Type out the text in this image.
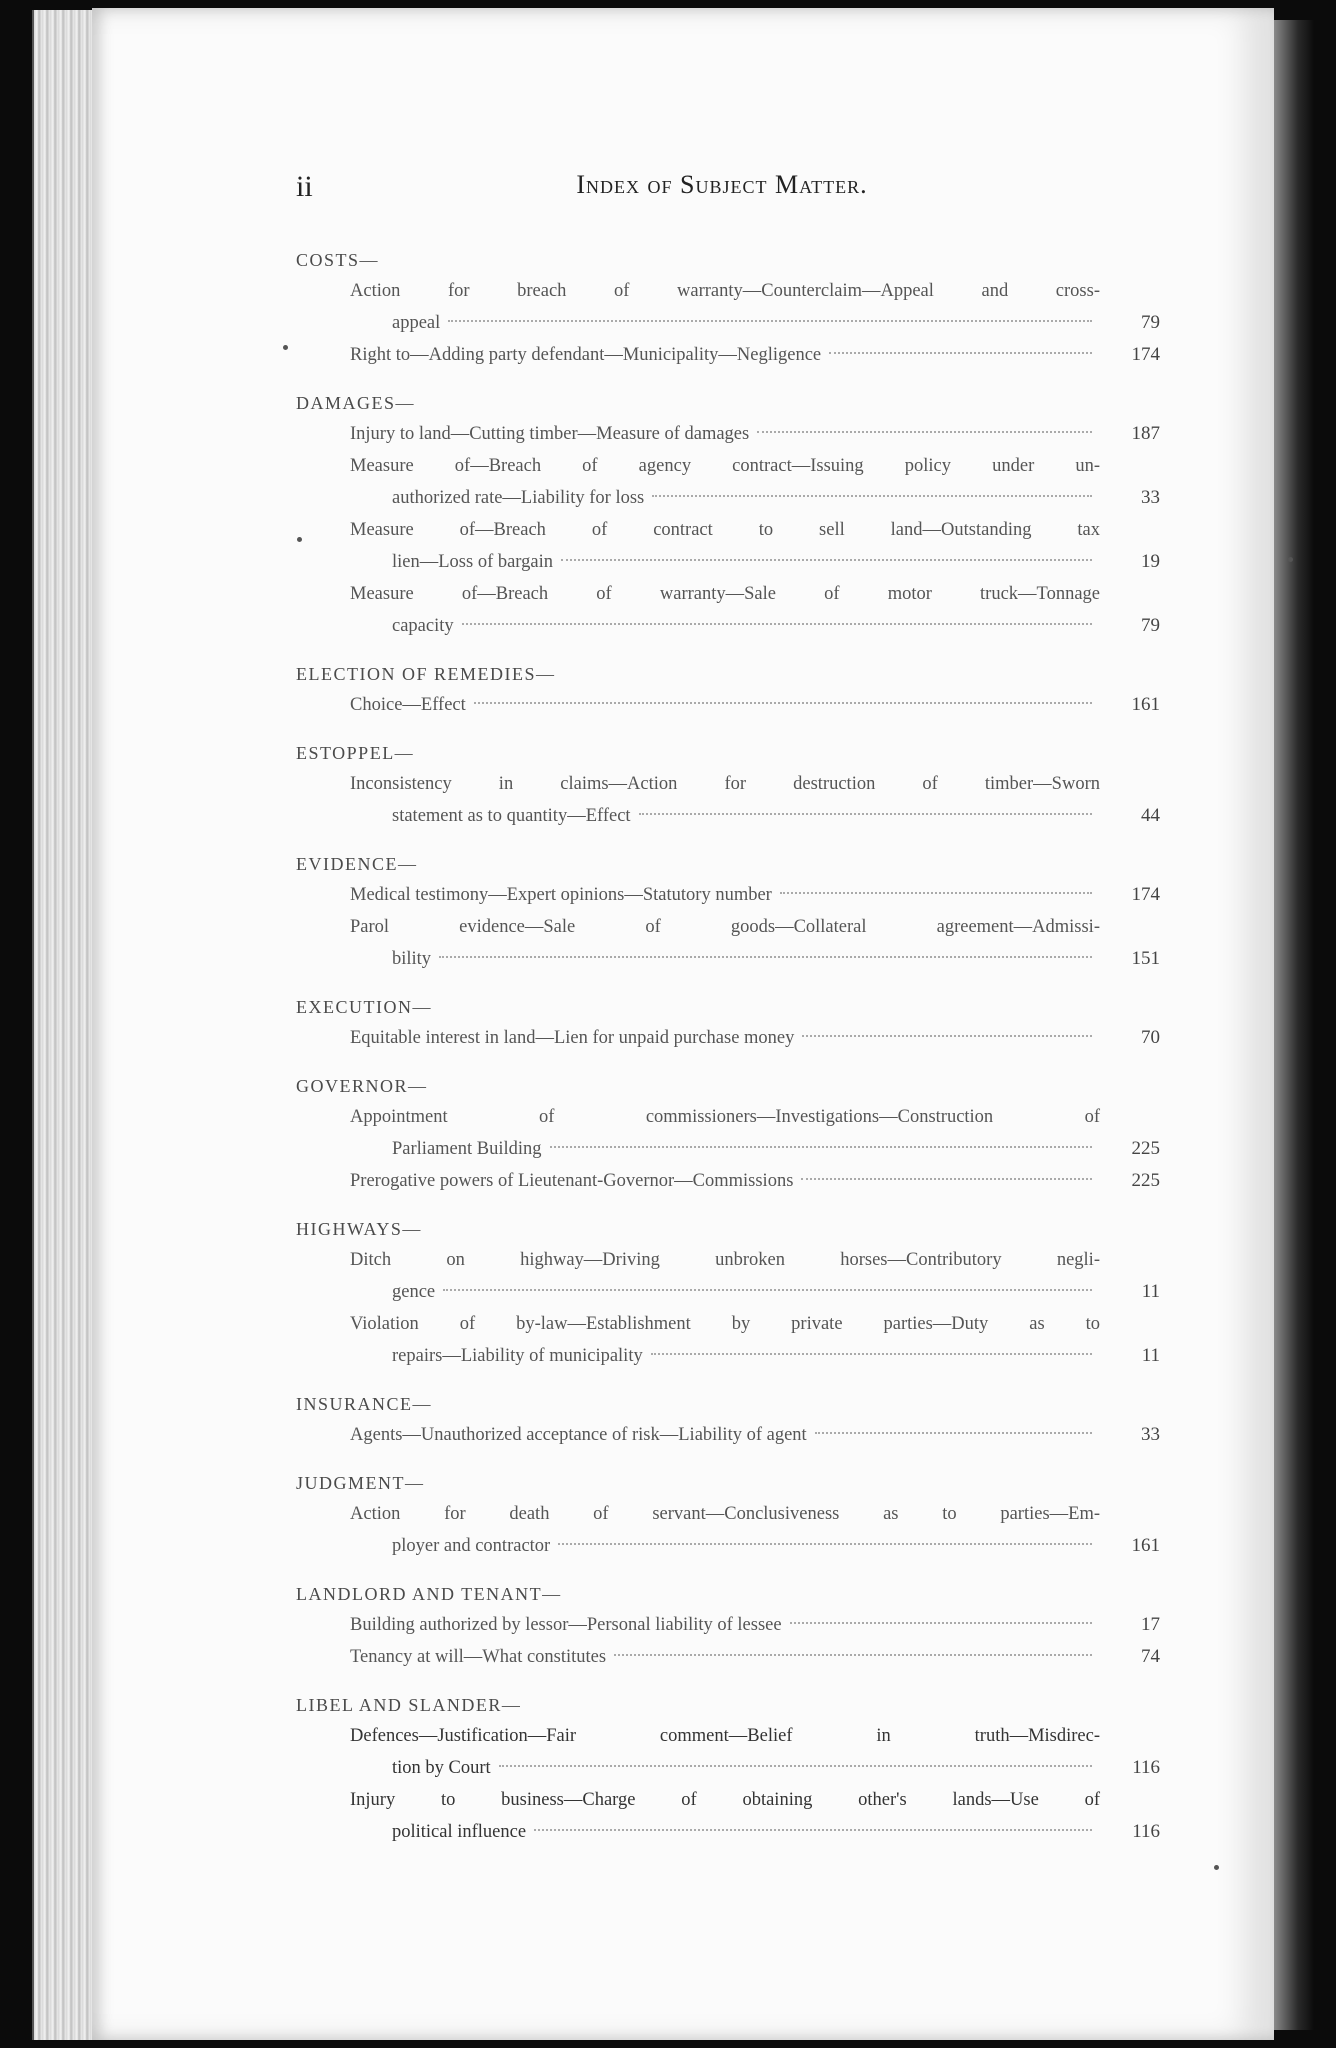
ii	Index of Subject Matter.
COSTS—
Action for breach of warranty—Counterclaim—Appeal and cross-
appeal	79
Right to—Adding party defendant—Municipality—Negligence	174
DAMAGES—
Injury to land—Cutting timber—Measure of damages	187
Measure of—Breach of agency contract—Issuing policy under un-
authorized rate—Liability for loss	33
Measure of—Breach of contract to sell land—Outstanding tax
lien—Loss of bargain	19
Measure of—Breach of warranty—Sale of motor truck—Tonnage
capacity	79
ELECTION OF REMEDIES—
Choice—Effect	161
ESTOPPEL—
Inconsistency in claims—Action for destruction of timber—Sworn
statement as to quantity—Effect	44
EVIDENCE—
Medical testimony—Expert opinions—Statutory number	174
Parol evidence—Sale of goods—Collateral agreement—Admissi-
bility	151
EXECUTION—
Equitable interest in land—Lien for unpaid purchase money	70
GOVERNOR—
Appointment of commissioners—Investigations—Construction of
Parliament Building	225
Prerogative powers of Lieutenant-Governor—Commissions	225
HIGHWAYS—
Ditch on highway—Driving unbroken horses—Contributory negli-
gence	11
Violation of by-law—Establishment by private parties—Duty as to
repairs—Liability of municipality	11
INSURANCE—
Agents—Unauthorized acceptance of risk—Liability of agent	33
JUDGMENT—
Action for death of servant—Conclusiveness as to parties—Em-
ployer and contractor	161
LANDLORD AND TENANT—
Building authorized by lessor—Personal liability of lessee	17
Tenancy at will—What constitutes	74
LIBEL AND SLANDER—
Defences—Justification—Fair comment—Belief in truth—Misdirec-
tion by Court	116
Injury to business—Charge of obtaining other's lands—Use of
political influence	116
